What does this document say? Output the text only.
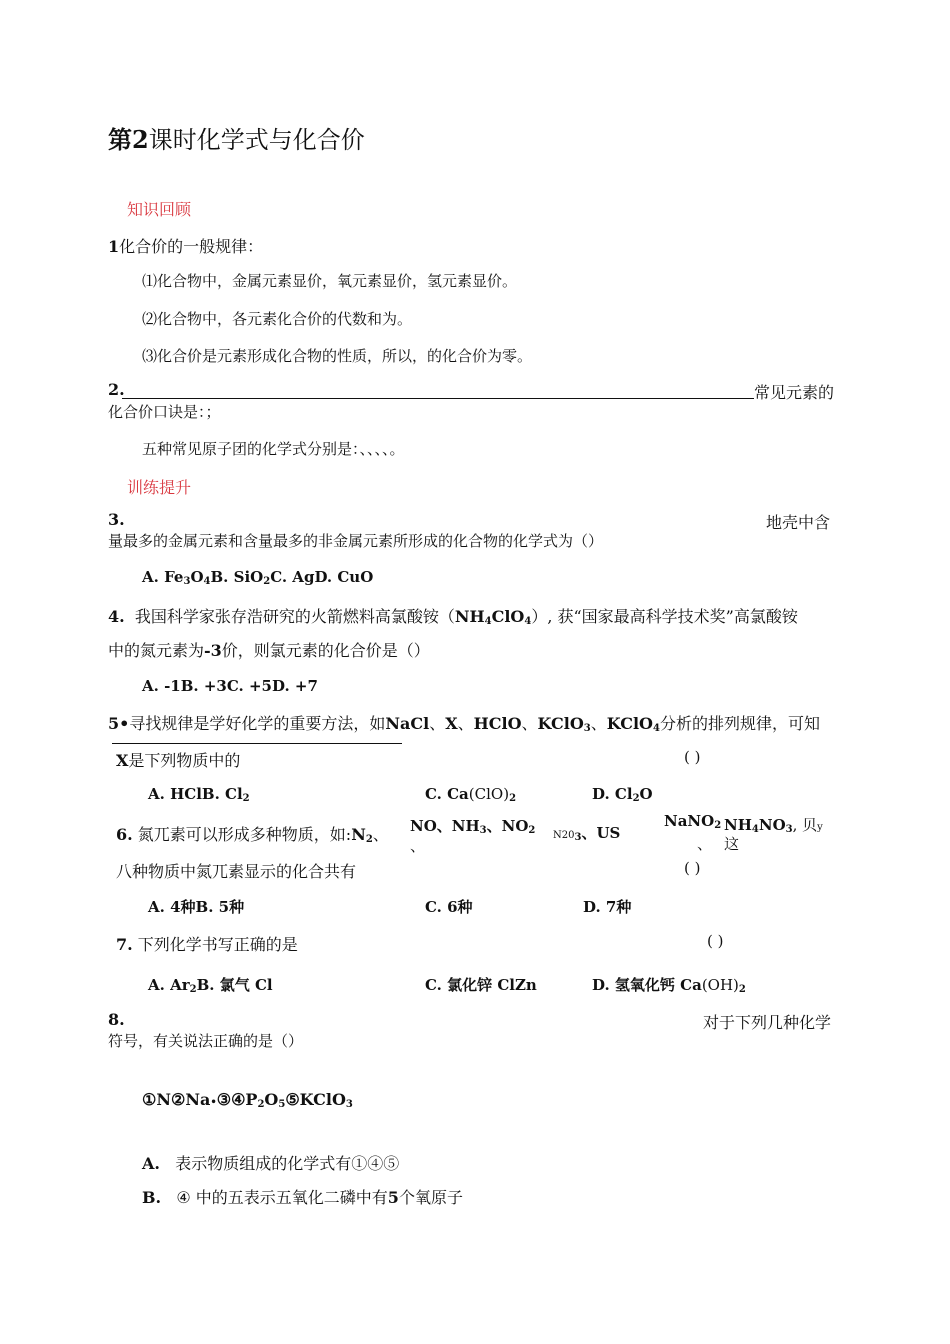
第2课时化学式与化合价
知识回顾
1化合价的一般规律：
⑴化合物中，金属元素显价，氧元素显价，氢元素显价。
⑵化合物中，各元素化合价的代数和为。
⑶化合价是元素形成化合物的性质，所以，的化合价为零。
2.	常见元素的
化合价口诀是：；
五种常见原子团的化学式分别是：、、、、。
训练提升
3.	地壳中含
量最多的金属元素和含量最多的非金属元素所形成的化合物的化学式为（）
A. $Fe_3O_4B$. SiO$_2$C. AgD. CuO
4. 我国科学家张存浩研究的火箭燃料高氯酸铵$(NH_4ClO_4)$, 获“国家最高科学技术奖”高氯酸铵
中的氮元素为-3价，则氯元素的化合价是（）
A. -1B. +3C. +5D. +7
5•寻找规律是学好化学的重要方法，如NaCl、X、HClO、KClO$_3$、KClO$_4$分析的排列规律，可知
X是下列物质中的	( )
A. HClB. $Cl_2$	C. $Ca(ClO)_2$	D. $Cl_2O$
6. 氮兀素可以形成多种物质，如$:N_2$、 NO、$NH_3$、$NO_2$
、
$N20_3$、US
NaNO$_2$
、
$NH_4NO_3$, 贝y
这
八种物质中氮兀素显示的化合共有	( )
A. 4种B. 5种	C. 6种	D. 7种
7. 下列化学书写正确的是	( )
A. $Ar_2B$. 氯气 Cl	C. 氯化锌 ClZn	D. 氢氧化钙 $Ca(OH)_2$
8.	对于下列几种化学
符号，有关说法正确的是（）
$①N②Na•③④P_2O_5⑤KClO_3$
A. 表示物质组成的化学式有①④⑤
B. ④ 中的五表示五氧化二磷中有5个氧原子
